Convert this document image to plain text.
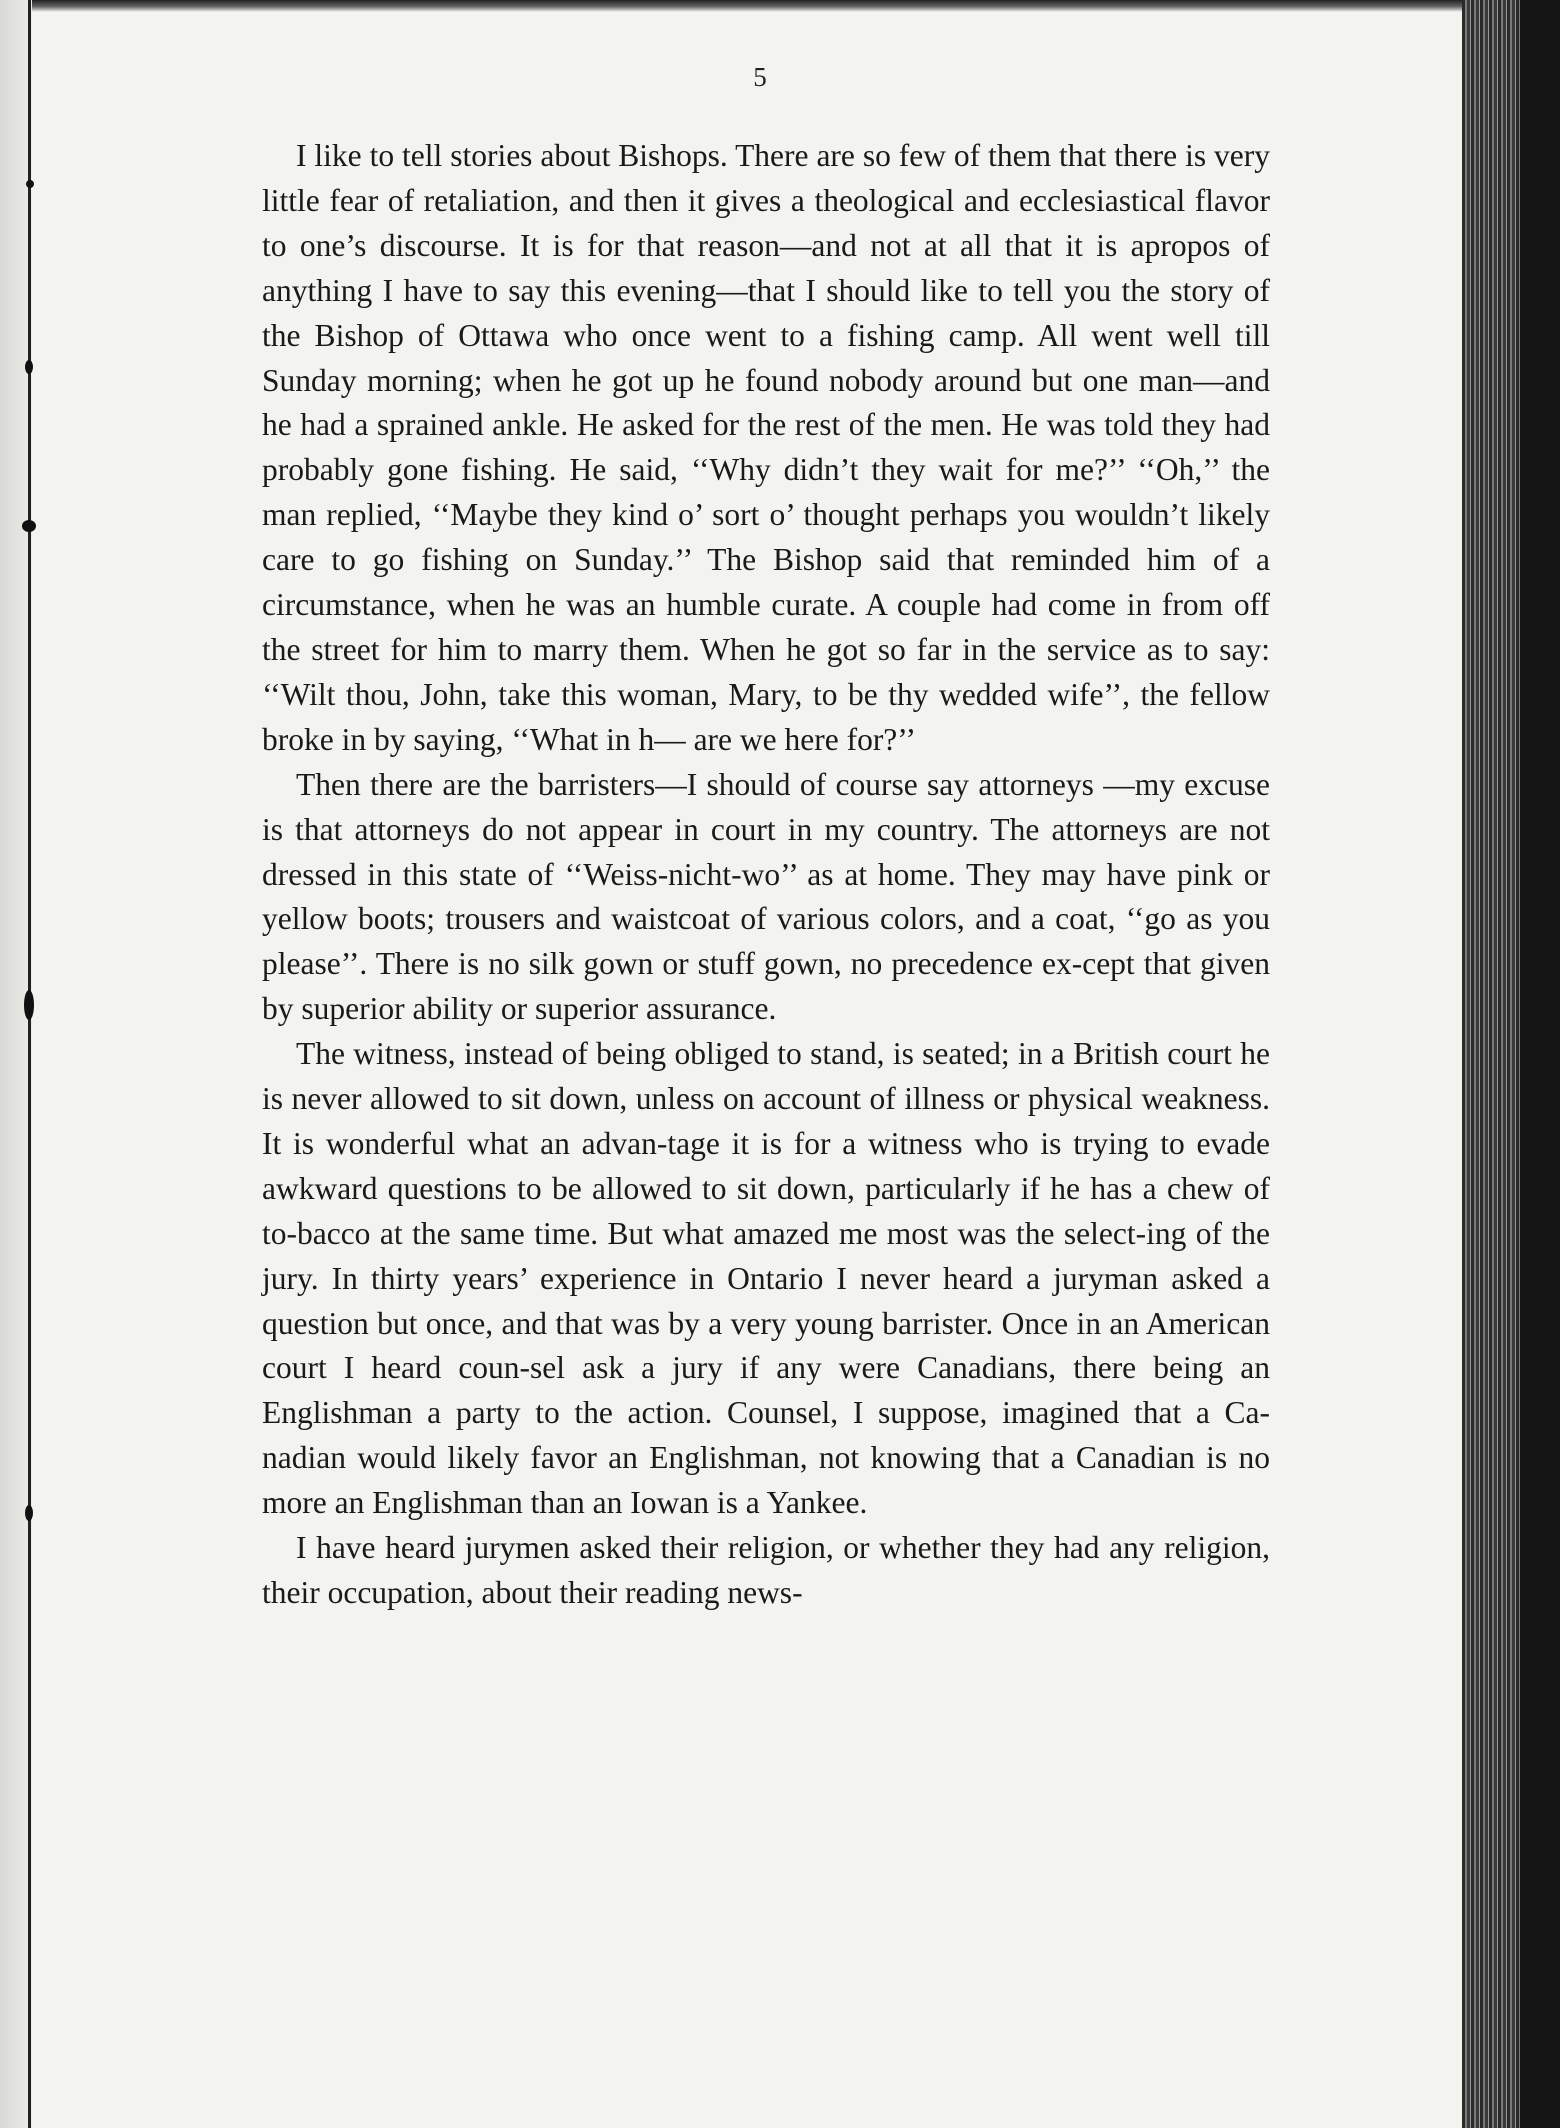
5

I like to tell stories about Bishops. There are so few of them that there is very little fear of retaliation, and then it gives a theological and ecclesiastical flavor to one’s discourse. It is for that reason—and not at all that it is apropos of anything I have to say this evening—that I should like to tell you the story of the Bishop of Ottawa who once went to a fishing camp. All went well till Sunday morning; when he got up he found nobody around but one man—and he had a sprained ankle. He asked for the rest of the men. He was told they had probably gone fishing. He said, ‘‘Why didn’t they wait for me?’’ ‘‘Oh,’’ the man replied, ‘‘Maybe they kind o’ sort o’ thought perhaps you wouldn’t likely care to go fishing on Sunday.’’ The Bishop said that reminded him of a circumstance, when he was an humble curate. A couple had come in from off the street for him to marry them. When he got so far in the service as to say: ‘‘Wilt thou, John, take this woman, Mary, to be thy wedded wife’’, the fellow broke in by saying, ‘‘What in h— are we here for?’’

Then there are the barristers—I should of course say attorneys —my excuse is that attorneys do not appear in court in my country. The attorneys are not dressed in this state of ‘‘Weiss-nicht-wo’’ as at home. They may have pink or yellow boots; trousers and waistcoat of various colors, and a coat, ‘‘go as you please’’. There is no silk gown or stuff gown, no precedence ex-cept that given by superior ability or superior assurance.

The witness, instead of being obliged to stand, is seated; in a British court he is never allowed to sit down, unless on account of illness or physical weakness. It is wonderful what an advan-tage it is for a witness who is trying to evade awkward questions to be allowed to sit down, particularly if he has a chew of to-bacco at the same time. But what amazed me most was the select-ing of the jury. In thirty years’ experience in Ontario I never heard a juryman asked a question but once, and that was by a very young barrister. Once in an American court I heard coun-sel ask a jury if any were Canadians, there being an Englishman a party to the action. Counsel, I suppose, imagined that a Ca-nadian would likely favor an Englishman, not knowing that a Canadian is no more an Englishman than an Iowan is a Yankee.

I have heard jurymen asked their religion, or whether they had any religion, their occupation, about their reading news-
